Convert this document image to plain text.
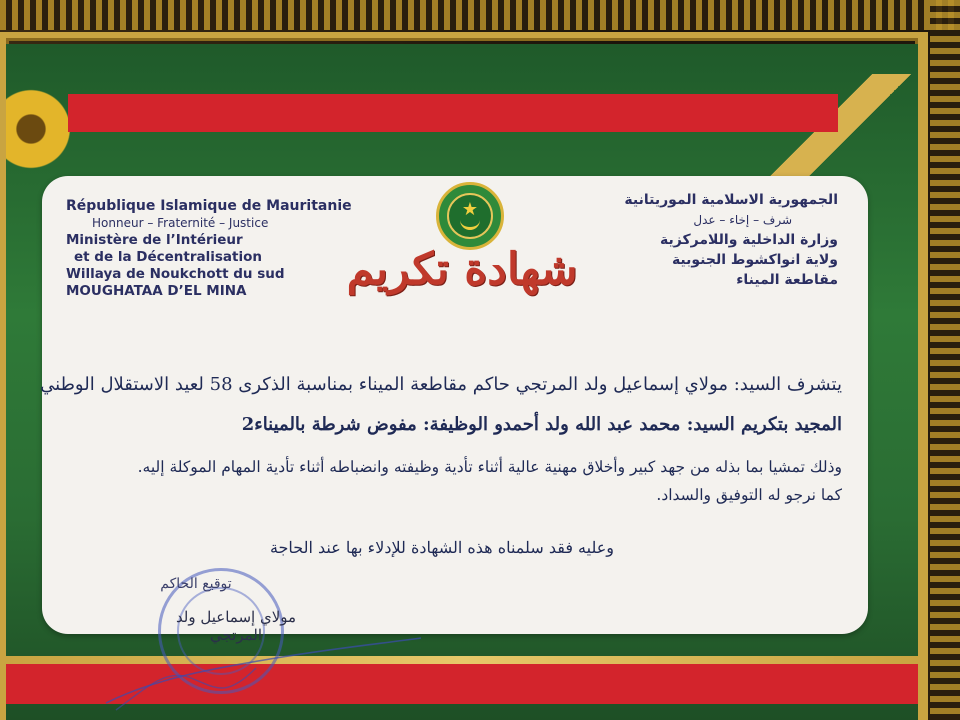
République Islamique de Mauritanie
Honneur – Fraternité – Justice
Ministère de l’Intérieur
et de la Décentralisation
Willaya de Noukchott du sud
MOUGHATAA D’EL MINA
★	الجمهورية الاسلامية الموريتانية
شرف – إخاء – عدل
وزارة الداخلية واللامركزية
ولاية انواكشوط الجنوبية
مقاطعة الميناء
شهادة تكريم
يتشرف السيد: مولاي إسماعيل ولد المرتجي حاكم مقاطعة الميناء بمناسبة الذكرى 58 لعيد الاستقلال الوطني
المجيد بتكريم السيد: محمد عبد الله ولد أحمدو الوظيفة: مفوض شرطة بالميناء2
وذلك تمشيا بما بذله من جهد كبير وأخلاق مهنية عالية أثناء تأدية وظيفته وانضباطه أثناء تأدية المهام الموكلة إليه.
كما نرجو له التوفيق والسداد.
وعليه فقد سلمناه هذه الشهادة للإدلاء بها عند الحاجة
توقيع الحاكم
مولاي إسماعيل ولد المرتجي
